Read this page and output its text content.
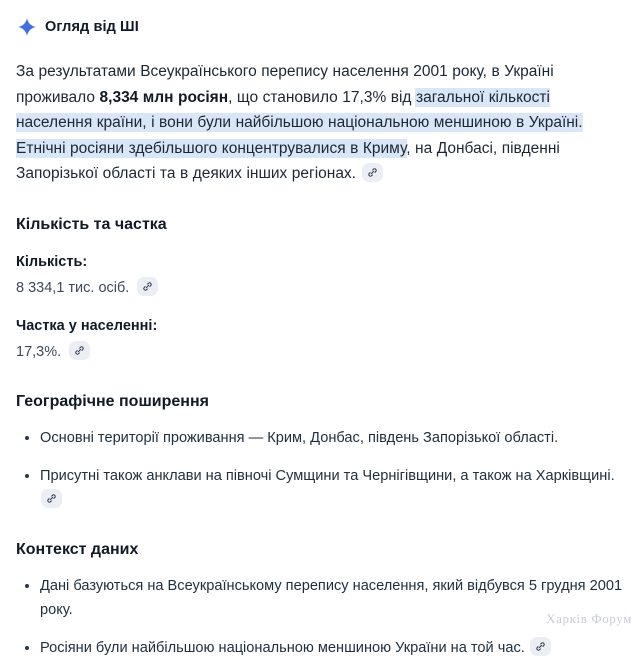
Огляд від ШІ

За результатами Всеукраїнського перепису населення 2001 року, в Україні проживало 8,334 млн росіян, що становило 17,3% від загальної кількості населення країни, і вони були найбільшою національною меншиною в Україні. Етнічні росіяни здебільшого концентрувалися в Криму, на Донбасі, південні Запорізької області та в деяких інших регіонах.

Кількість та частка

Кількість:

8 334,1 тис. осіб.

Частка у населенні:

17,3%.

Географічне поширення
Основні території проживання — Крим, Донбас, південь Запорізької області.
Присутні також анклави на півночі Сумщини та Чернігівщини, а також на Харківщині.
Контекст даних
Дані базуються на Всеукраїнському перепису населення, який відбувся 5 грудня 2001 року.
Росіяни були найбільшою національною меншиною України на той час.
Харків Форум
